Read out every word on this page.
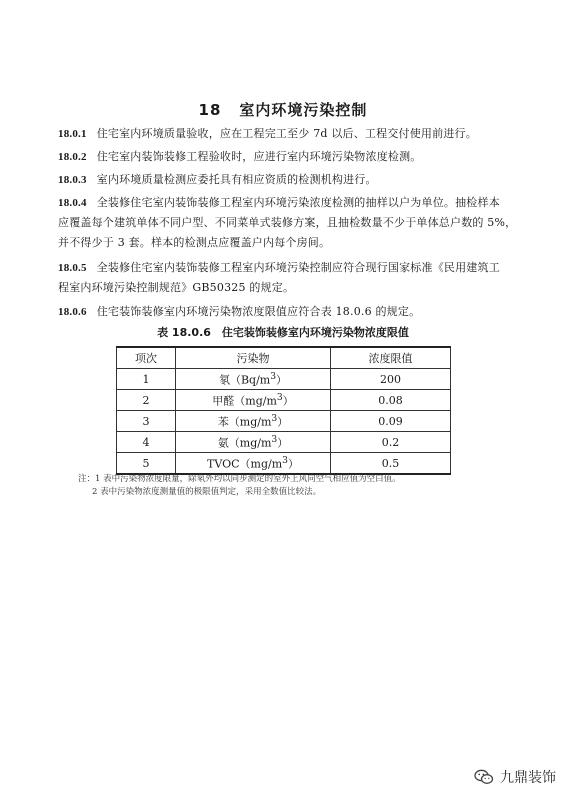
18 室内环境污染控制
18.0.1 住宅室内环境质量验收，应在工程完工至少 7d 以后、工程交付使用前进行。
18.0.2 住宅室内装饰装修工程验收时，应进行室内环境污染物浓度检测。
18.0.3 室内环境质量检测应委托具有相应资质的检测机构进行。
18.0.4 全装修住宅室内装饰装修工程室内环境污染浓度检测的抽样以户为单位。抽检样本
应覆盖每个建筑单体不同户型、不同菜单式装修方案，且抽检数量不少于单体总户数的 5%，并不得少于 3 套。样本的检测点应覆盖户内每个房间。
18.0.5 全装修住宅室内装饰装修工程室内环境污染控制应符合现行国家标准《民用建筑工
程室内环境污染控制规范》GB50325 的规定。
18.0.6 住宅装饰装修室内环境污染物浓度限值应符合表 18.0.6 的规定。
表 18.0.6　住宅装饰装修室内环境污染物浓度限值
项次	污染物	浓度限值
1	氡$(Bq/m^3)$	200
2	甲醛$(mg/m^3)$	0.08
3	苯$(mg/m^3)$	0.09
4	氨$(mg/m^3)$	0.2
5	$TVOC(mg/m^3)$	0.5
注：1 表中污染物浓度限量，除氡外均以同步测定的室外上风向空气相应值为空白值。
2 表中污染物浓度测量值的极限值判定，采用全数值比较法。
九鼎装饰
